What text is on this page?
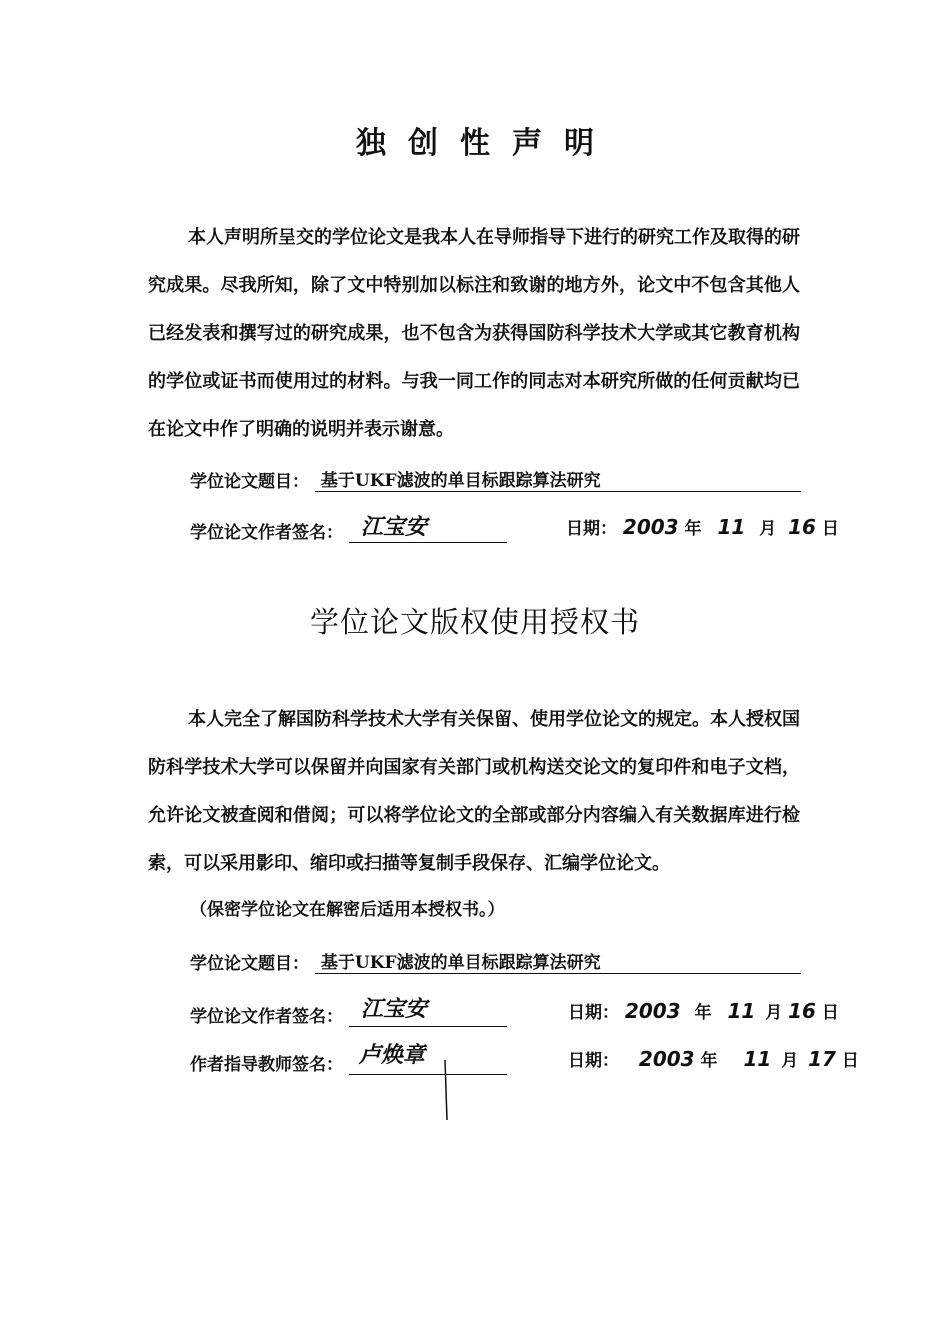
独创性声明
本人声明所呈交的学位论文是我本人在导师指导下进行的研究工作及取得的研究成果。尽我所知，除了文中特别加以标注和致谢的地方外，论文中不包含其他人已经发表和撰写过的研究成果，也不包含为获得国防科学技术大学或其它教育机构的学位或证书而使用过的材料。与我一同工作的同志对本研究所做的任何贡献均已在论文中作了明确的说明并表示谢意。
学位论文题目： 基于UKF滤波的单目标跟踪算法研究
学位论文作者签名： 江宝安	日期： 2003 年 11 月 16 日
学位论文版权使用授权书
本人完全了解国防科学技术大学有关保留、使用学位论文的规定。本人授权国防科学技术大学可以保留并向国家有关部门或机构送交论文的复印件和电子文档，允许论文被查阅和借阅；可以将学位论文的全部或部分内容编入有关数据库进行检索，可以采用影印、缩印或扫描等复制手段保存、汇编学位论文。
（保密学位论文在解密后适用本授权书。）
学位论文题目： 基于UKF滤波的单目标跟踪算法研究
学位论文作者签名： 江宝安	日期： 2003 年 11 月 16 日
作者指导教师签名： 卢焕章	日期： 2003 年 11 月 17 日
